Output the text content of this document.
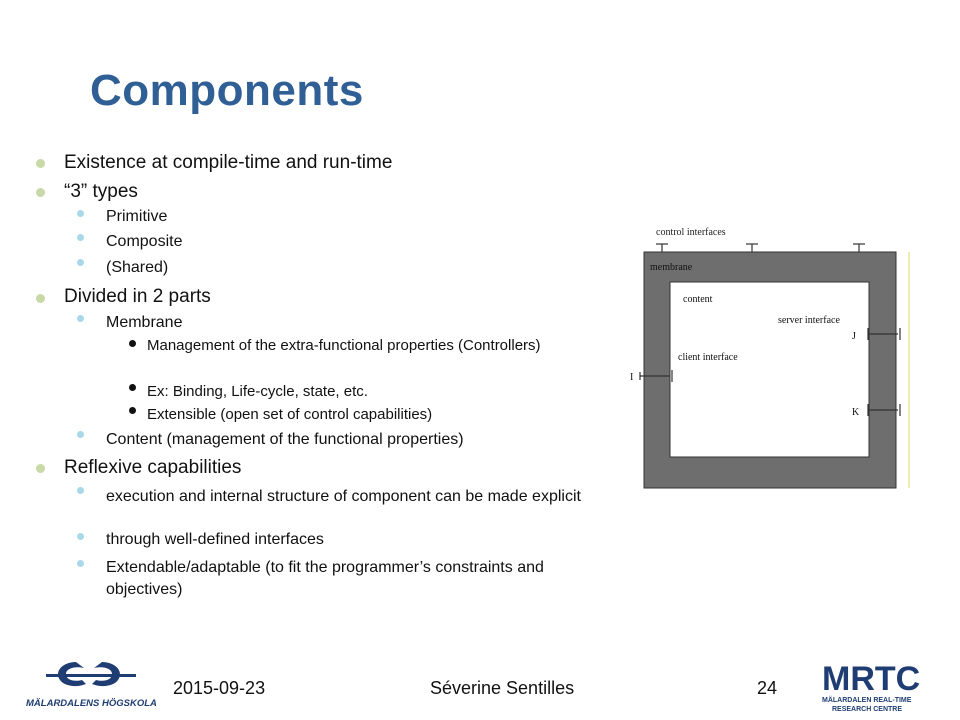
Components
Existence at compile-time and run-time
“3” types
Primitive
Composite
(Shared)
Divided in 2 parts
Membrane
Management of the extra-functional properties (Controllers)
Ex: Binding, Life-cycle, state, etc.
Extensible (open set of control capabilities)
Content (management of the functional properties)
Reflexive capabilities
execution and internal structure of component can be made explicit
through well-defined interfaces
Extendable/adaptable (to fit the programmer’s constraints and objectives)
control interfaces
membrane
content
server interface
client interface
I
J
K
2015-09-23	Séverine Sentilles	24
MÄLARDALENS HÖGSKOLA
MRTC
MÄLARDALEN REAL-TIME
RESEARCH CENTRE
